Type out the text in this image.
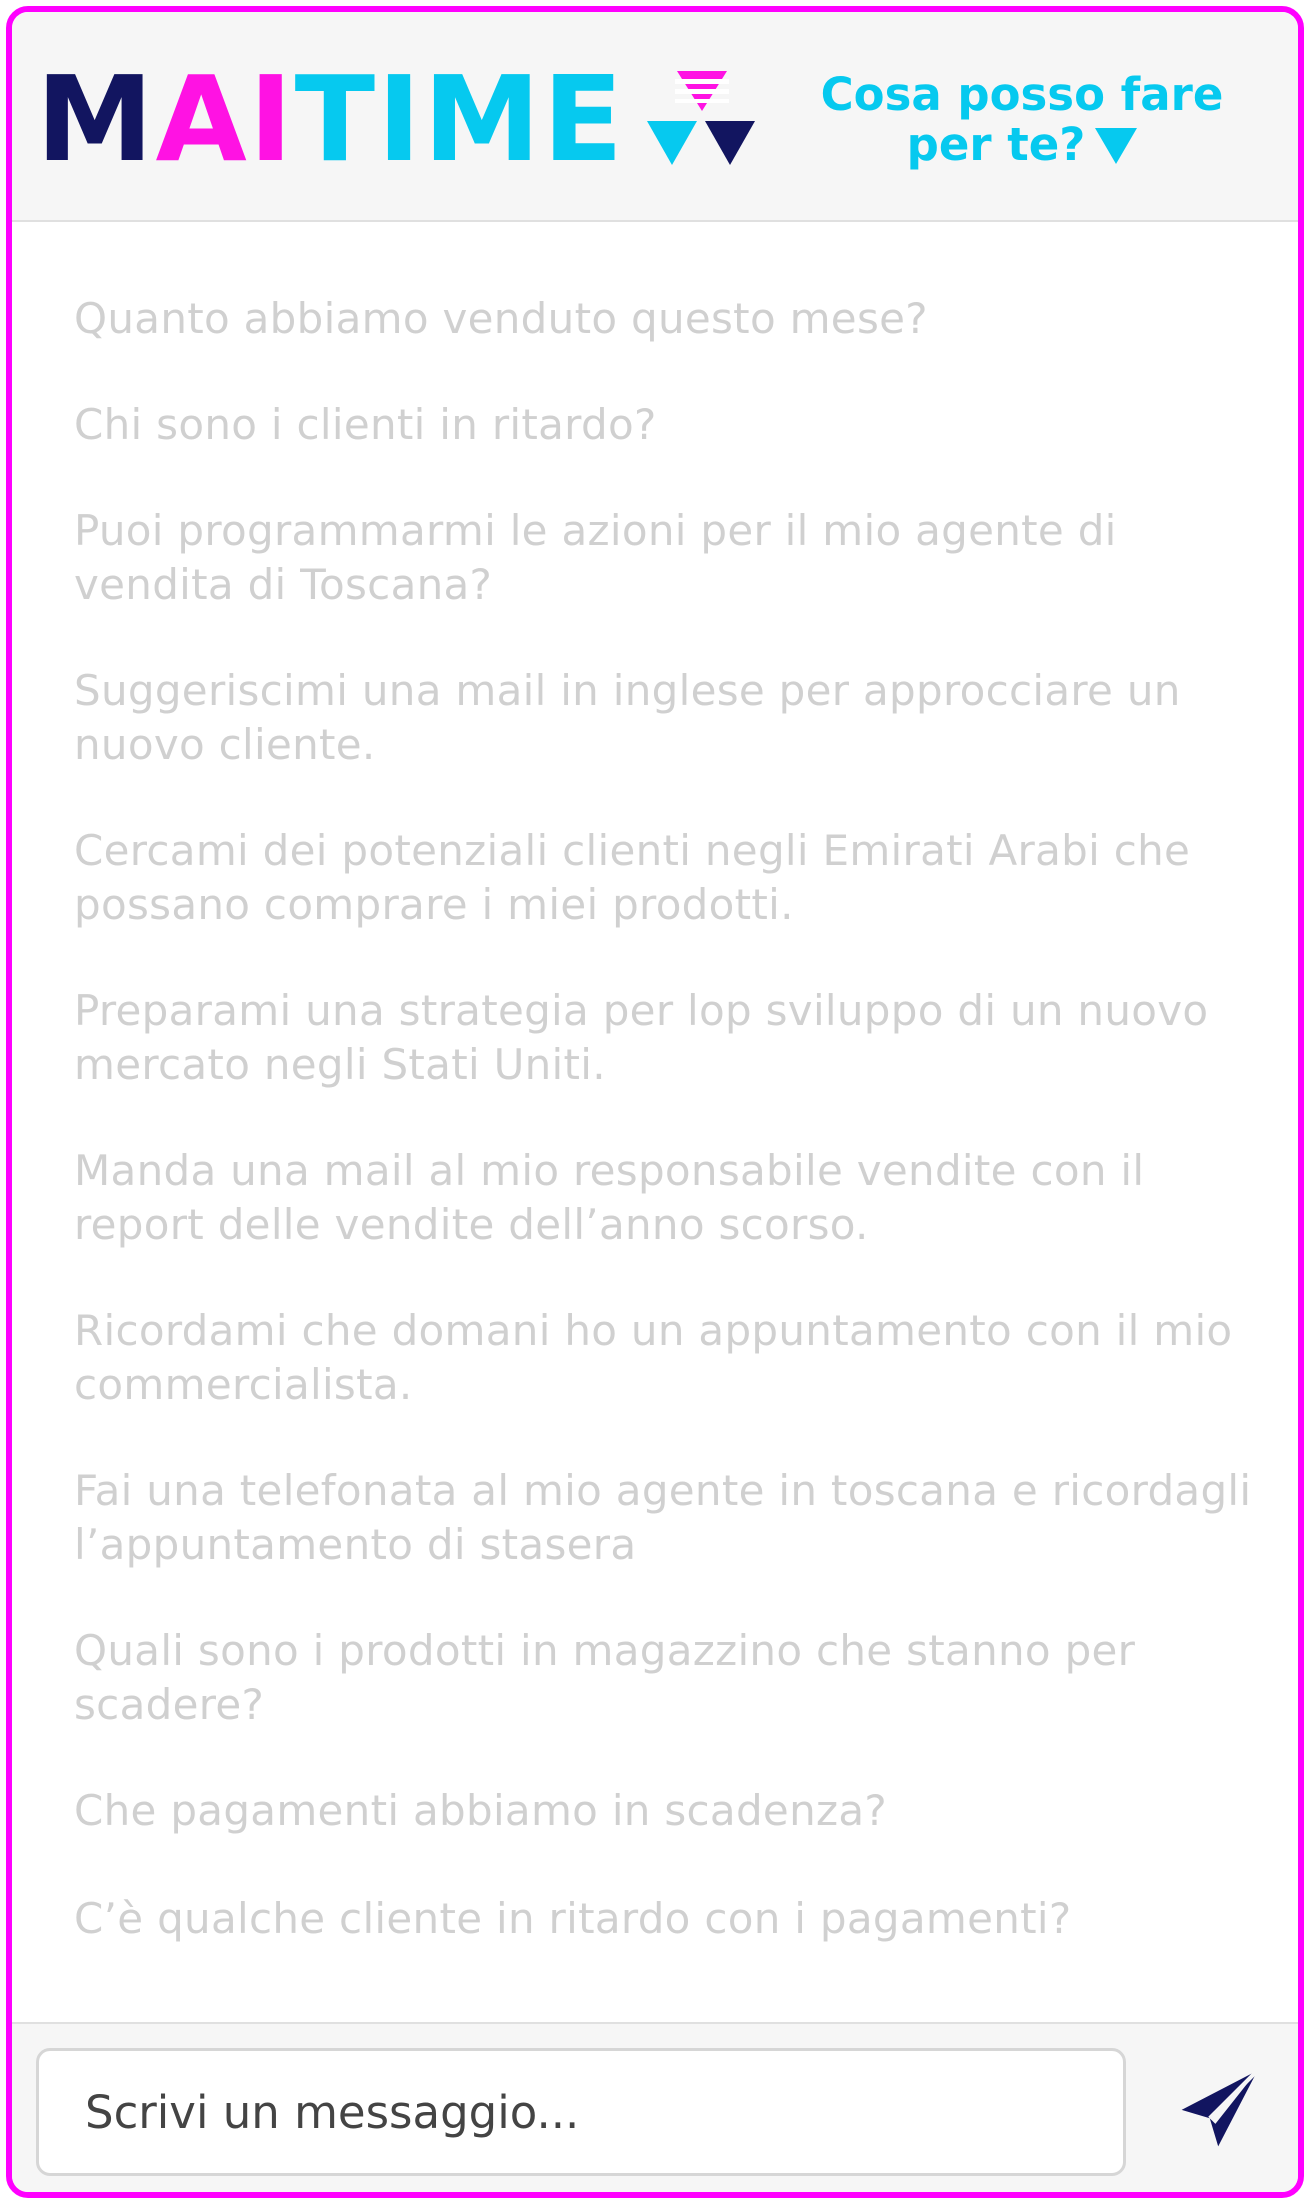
MAITIME	Cosa posso fare
per te?
Quanto abbiamo venduto questo mese?
Chi sono i clienti in ritardo?
Puoi programmarmi le azioni per il mio agente di vendita di Toscana?
Suggeriscimi una mail in inglese per approcciare un nuovo cliente.
Cercami dei potenziali clienti negli Emirati Arabi che possano comprare i miei prodotti.
Preparami una strategia per lop sviluppo di un nuovo mercato negli Stati Uniti.
Manda una mail al mio responsabile vendite con il report delle vendite dell’anno scorso.
Ricordami che domani ho un appuntamento con il mio commercialista.
Fai una telefonata al mio agente in toscana e ricordagli l’appuntamento di stasera
Quali sono i prodotti in magazzino che stanno per scadere?
Che pagamenti abbiamo in scadenza?
C’è qualche cliente in ritardo con i pagamenti?
Scrivi un messaggio...
